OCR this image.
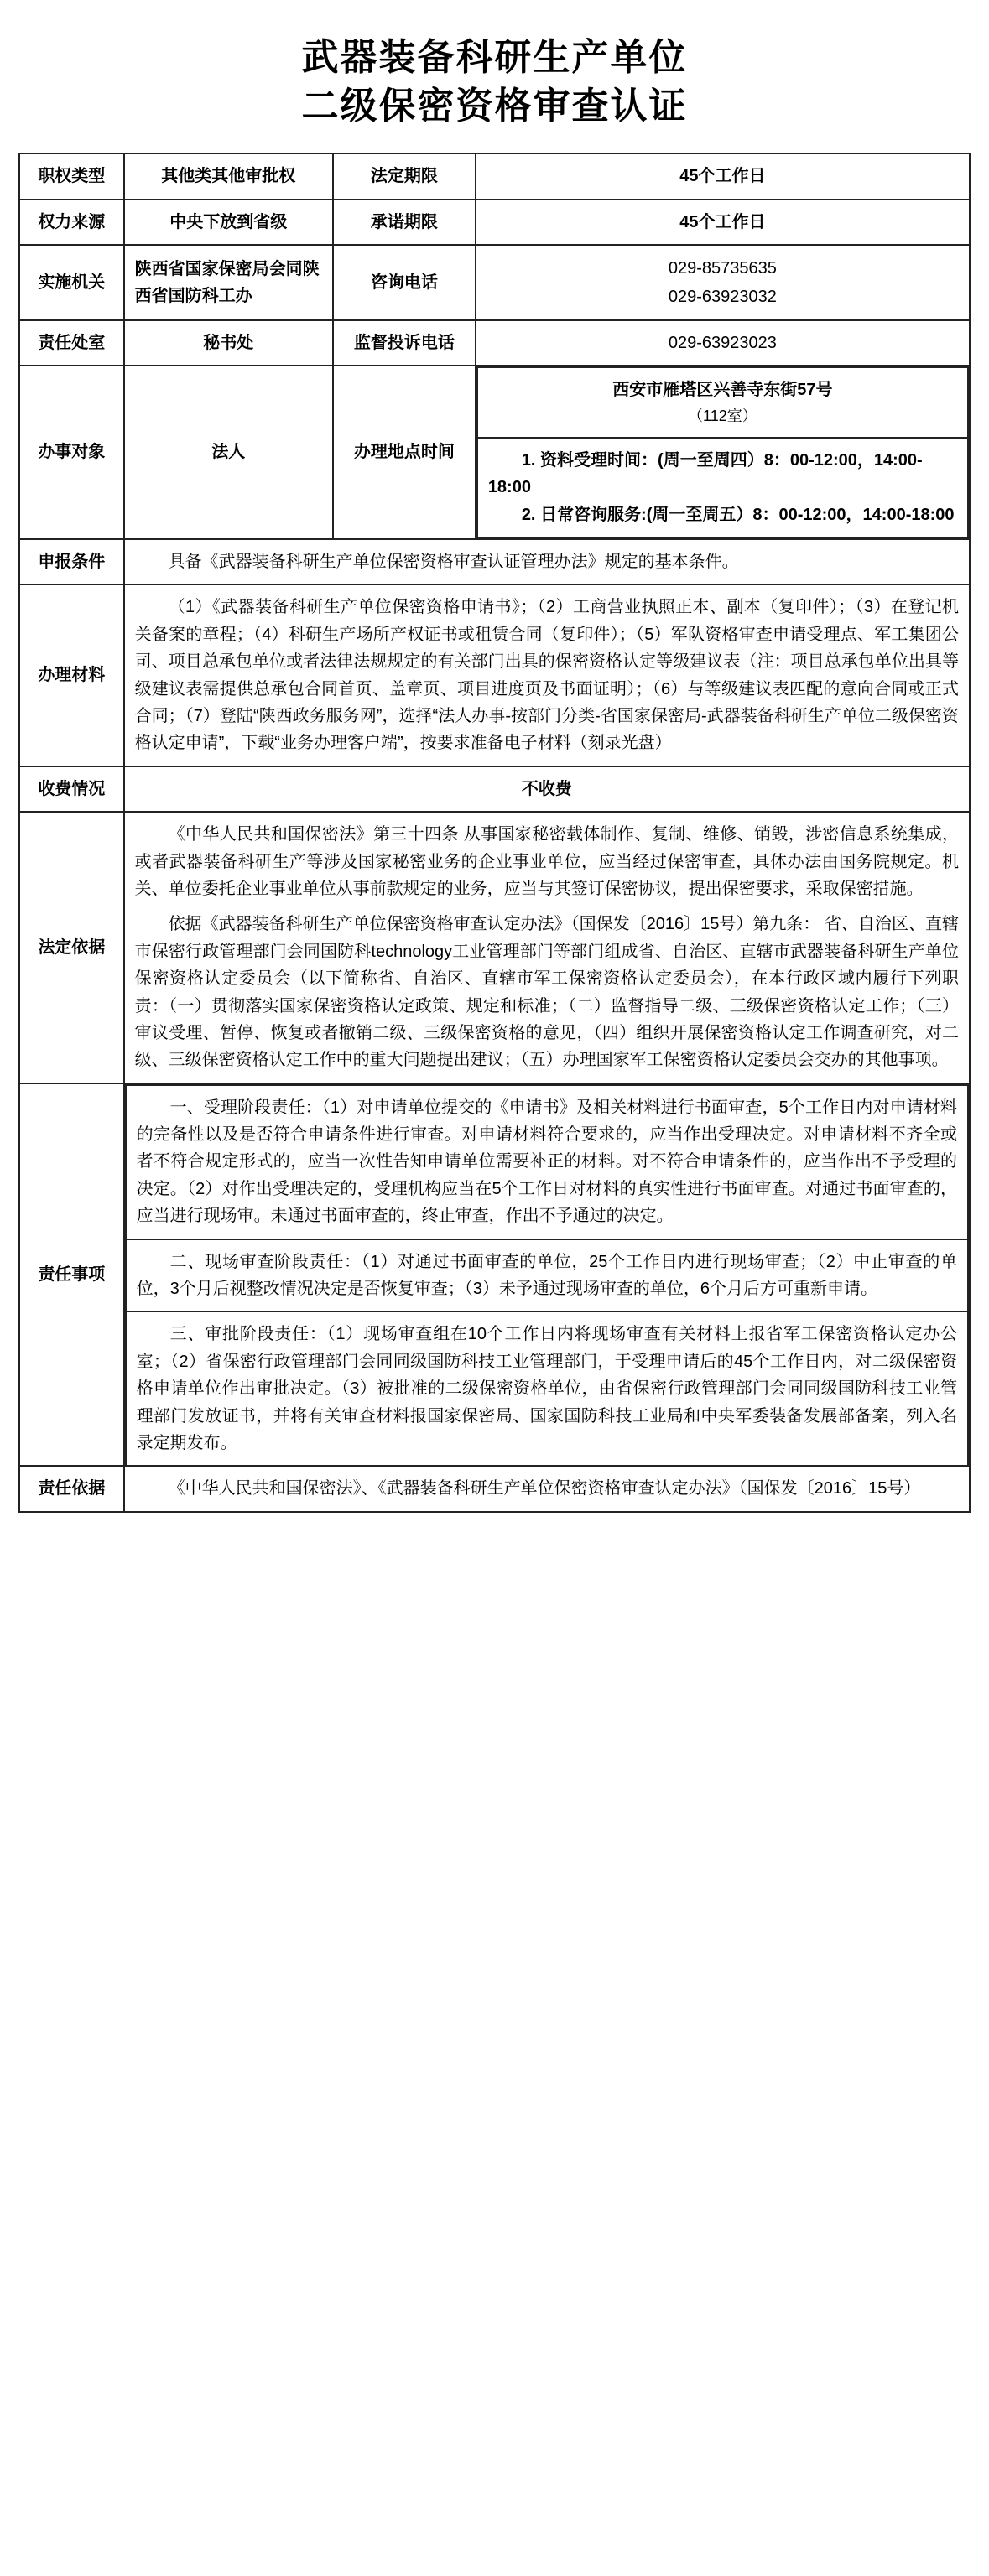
武器装备科研生产单位
二级保密资格审查认证
职权类型	其他类其他审批权	法定期限	45个工作日
权力来源	中央下放到省级	承诺期限	45个工作日
实施机关	陕西省国家保密局会同陕西省国防科工办	咨询电话	
029-85735635
029-63923032

责任处室	秘书处	监督投诉电话	029-63923023
办事对象	法人	办理地点时间	
西安市雁塔区兴善寺东街57号
（112室）

1. 资料受理时间：(周一至周四）8：00-12:00，14:00-18:00
2. 日常咨询服务:(周一至周五）8：00-12:00，14:00-18:00

申报条件	具备《武器装备科研生产单位保密资格审查认证管理办法》规定的基本条件。

办理材料	
（1）《武器装备科研生产单位保密资格申请书》；（2）工商营业执照正本、副本（复印件）；（3）在登记机关备案的章程；（4）科研生产场所产权证书或租赁合同（复印件）；（5）军队资格审查申请受理点、军工集团公司、项目总承包单位或者法律法规规定的有关部门出具的保密资格认定等级建议表（注：项目总承包单位出具等级建议表需提供总承包合同首页、盖章页、项目进度页及书面证明）；（6）与等级建议表匹配的意向合同或正式合同；（7）登陆“陕西政务服务网”，选择“法人办事-按部门分类-省国家保密局-武器装备科研生产单位二级保密资格认定申请”，下载“业务办理客户端”，按要求准备电子材料（刻录光盘）

收费情况	不收费
法定依据	
《中华人民共和国保密法》第三十四条 从事国家秘密载体制作、复制、维修、销毁，涉密信息系统集成，或者武器装备科研生产等涉及国家秘密业务的企业事业单位，应当经过保密审查，具体办法由国务院规定。机关、单位委托企业事业单位从事前款规定的业务，应当与其签订保密协议，提出保密要求，采取保密措施。
依据《武器装备科研生产单位保密资格审查认定办法》（国保发〔2016〕15号）第九条： 省、自治区、直辖市保密行政管理部门会同国防科technology工业管理部门等部门组成省、自治区、直辖市武器装备科研生产单位保密资格认定委员会（以下简称省、自治区、直辖市军工保密资格认定委员会），在本行政区域内履行下列职责：（一）贯彻落实国家保密资格认定政策、规定和标准；（二）监督指导二级、三级保密资格认定工作；（三）审议受理、暂停、恢复或者撤销二级、三级保密资格的意见，（四）组织开展保密资格认定工作调查研究，对二级、三级保密资格认定工作中的重大问题提出建议；（五）办理国家军工保密资格认定委员会交办的其他事项。

责任事项	
一、受理阶段责任：（1）对申请单位提交的《申请书》及相关材料进行书面审查，5个工作日内对申请材料的完备性以及是否符合申请条件进行审查。对申请材料符合要求的，应当作出受理决定。对申请材料不齐全或者不符合规定形式的，应当一次性告知申请单位需要补正的材料。对不符合申请条件的，应当作出不予受理的决定。（2）对作出受理决定的，受理机构应当在5个工作日对材料的真实性进行书面审查。对通过书面审查的，应当进行现场审。未通过书面审查的，终止审查，作出不予通过的决定。

二、现场审查阶段责任：（1）对通过书面审查的单位，25个工作日内进行现场审查；（2）中止审查的单位，3个月后视整改情况决定是否恢复审查；（3）未予通过现场审查的单位，6个月后方可重新申请。

三、审批阶段责任：（1）现场审查组在10个工作日内将现场审查有关材料上报省军工保密资格认定办公室；（2）省保密行政管理部门会同同级国防科技工业管理部门，于受理申请后的45个工作日内，对二级保密资格申请单位作出审批决定。（3）被批准的二级保密资格单位，由省保密行政管理部门会同同级国防科技工业管理部门发放证书，并将有关审查材料报国家保密局、国家国防科技工业局和中央军委装备发展部备案，列入名录定期发布。

责任依据	《中华人民共和国保密法》、《武器装备科研生产单位保密资格审查认定办法》（国保发〔2016〕15号）
